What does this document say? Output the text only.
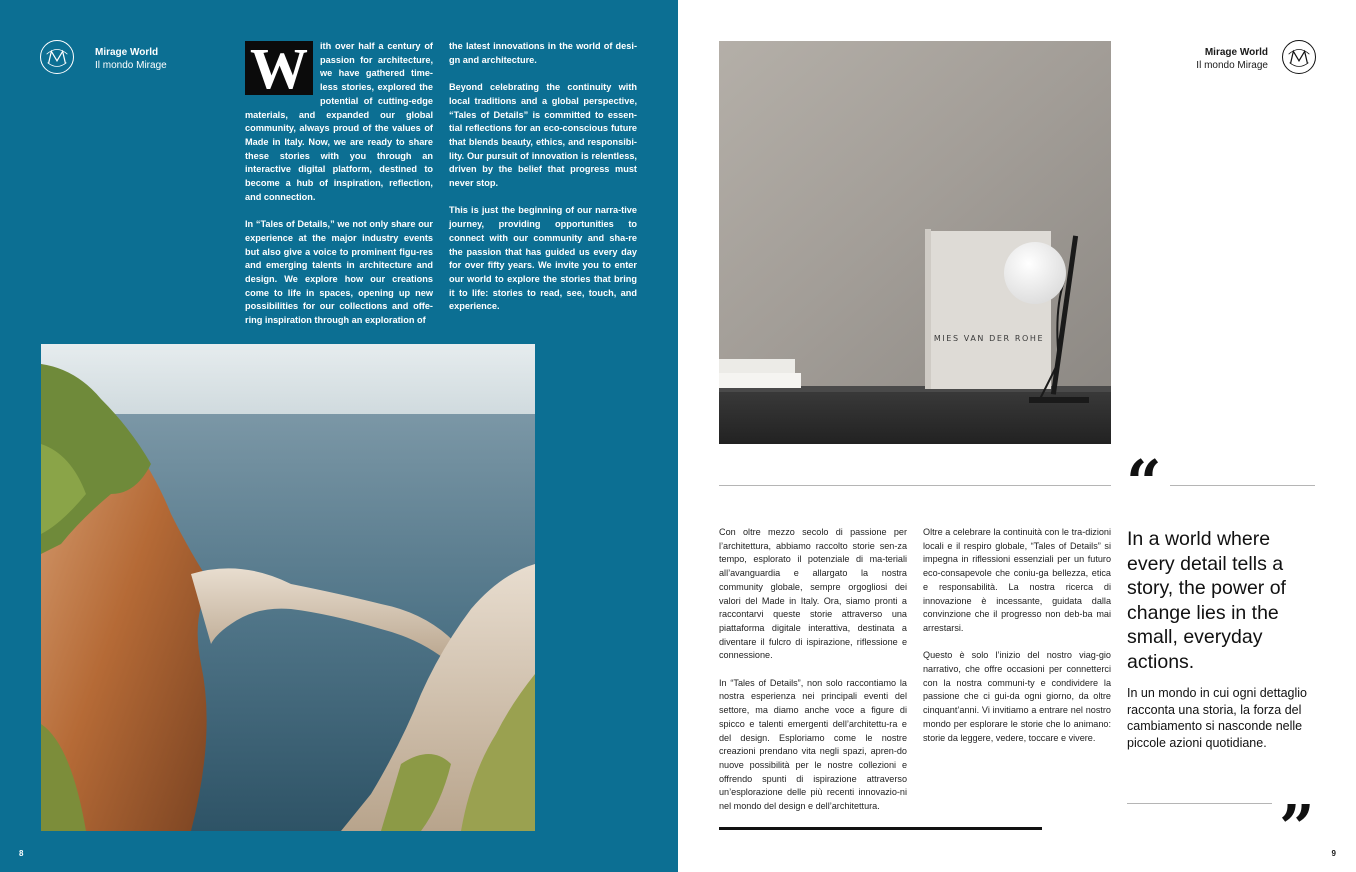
Mirage World
Il mondo Mirage W	ith over half a century of passion for architecture, we have gathered time-less stories, explored the potential of cutting-edge materials, and expanded our global community, always proud of the values of Made in Italy. Now, we are ready to share these stories with you through an interactive digital platform, destined to become a hub of inspiration, reflection, and connection.

In “Tales of Details,” we not only share our experience at the major industry events but also give a voice to prominent figu-res and emerging talents in architecture and design. We explore how our creations come to life in spaces, opening up new possibilities for our collections and offe-ring inspiration through an exploration of

the latest innovations in the world of desi-gn and architecture.

Beyond celebrating the continuity with local traditions and a global perspective, “Tales of Details” is committed to essen-tial reflections for an eco-conscious future that blends beauty, ethics, and responsibi-lity. Our pursuit of innovation is relentless, driven by the belief that progress must never stop.

This is just the beginning of our narra-tive journey, providing opportunities to connect with our community and sha-re the passion that has guided us every day for over fifty years. We invite you to enter our world to explore the stories that bring it to life: stories to read, see, touch, and experience.

8
MIES VAN DER ROHE
“

Con oltre mezzo secolo di passione per l’architettura, abbiamo raccolto storie sen-za tempo, esplorato il potenziale di ma-teriali all’avanguardia e allargato la nostra community globale, sempre orgogliosi dei valori del Made in Italy. Ora, siamo pronti a raccontarvi queste storie attraverso una piattaforma digitale interattiva, destinata a diventare il fulcro di ispirazione, riflessione e connessione.

In “Tales of Details”, non solo raccontiamo la nostra esperienza nei principali eventi del settore, ma diamo anche voce a figure di spicco e talenti emergenti dell’architettu-ra e del design. Esploriamo come le nostre creazioni prendano vita negli spazi, apren-do nuove possibilità per le nostre collezioni e offrendo spunti di ispirazione attraverso un’esplorazione delle più recenti innovazio-ni nel mondo del design e dell’architettura.

Oltre a celebrare la continuità con le tra-dizioni locali e il respiro globale, “Tales of Details” si impegna in riflessioni essenziali per un futuro eco-consapevole che coniu-ga bellezza, etica e responsabilità. La nostra ricerca di innovazione è incessante, guidata dalla convinzione che il progresso non deb-ba mai arrestarsi.

Questo è solo l’inizio del nostro viag-gio narrativo, che offre occasioni per connetterci con la nostra communi-ty e condividere la passione che ci gui-da ogni giorno, da oltre cinquant’anni. Vi invitiamo a entrare nel nostro mondo per esplorare le storie che lo animano: storie da leggere, vedere, toccare e vivere.

In a world where every detail tells a story, the power of change lies in the small, everyday actions.
In un mondo in cui ogni dettaglio racconta una storia, la forza del cambiamento si nasconde nelle piccole azioni quotidiane.
”
Mirage World
Il mondo Mirage
9
